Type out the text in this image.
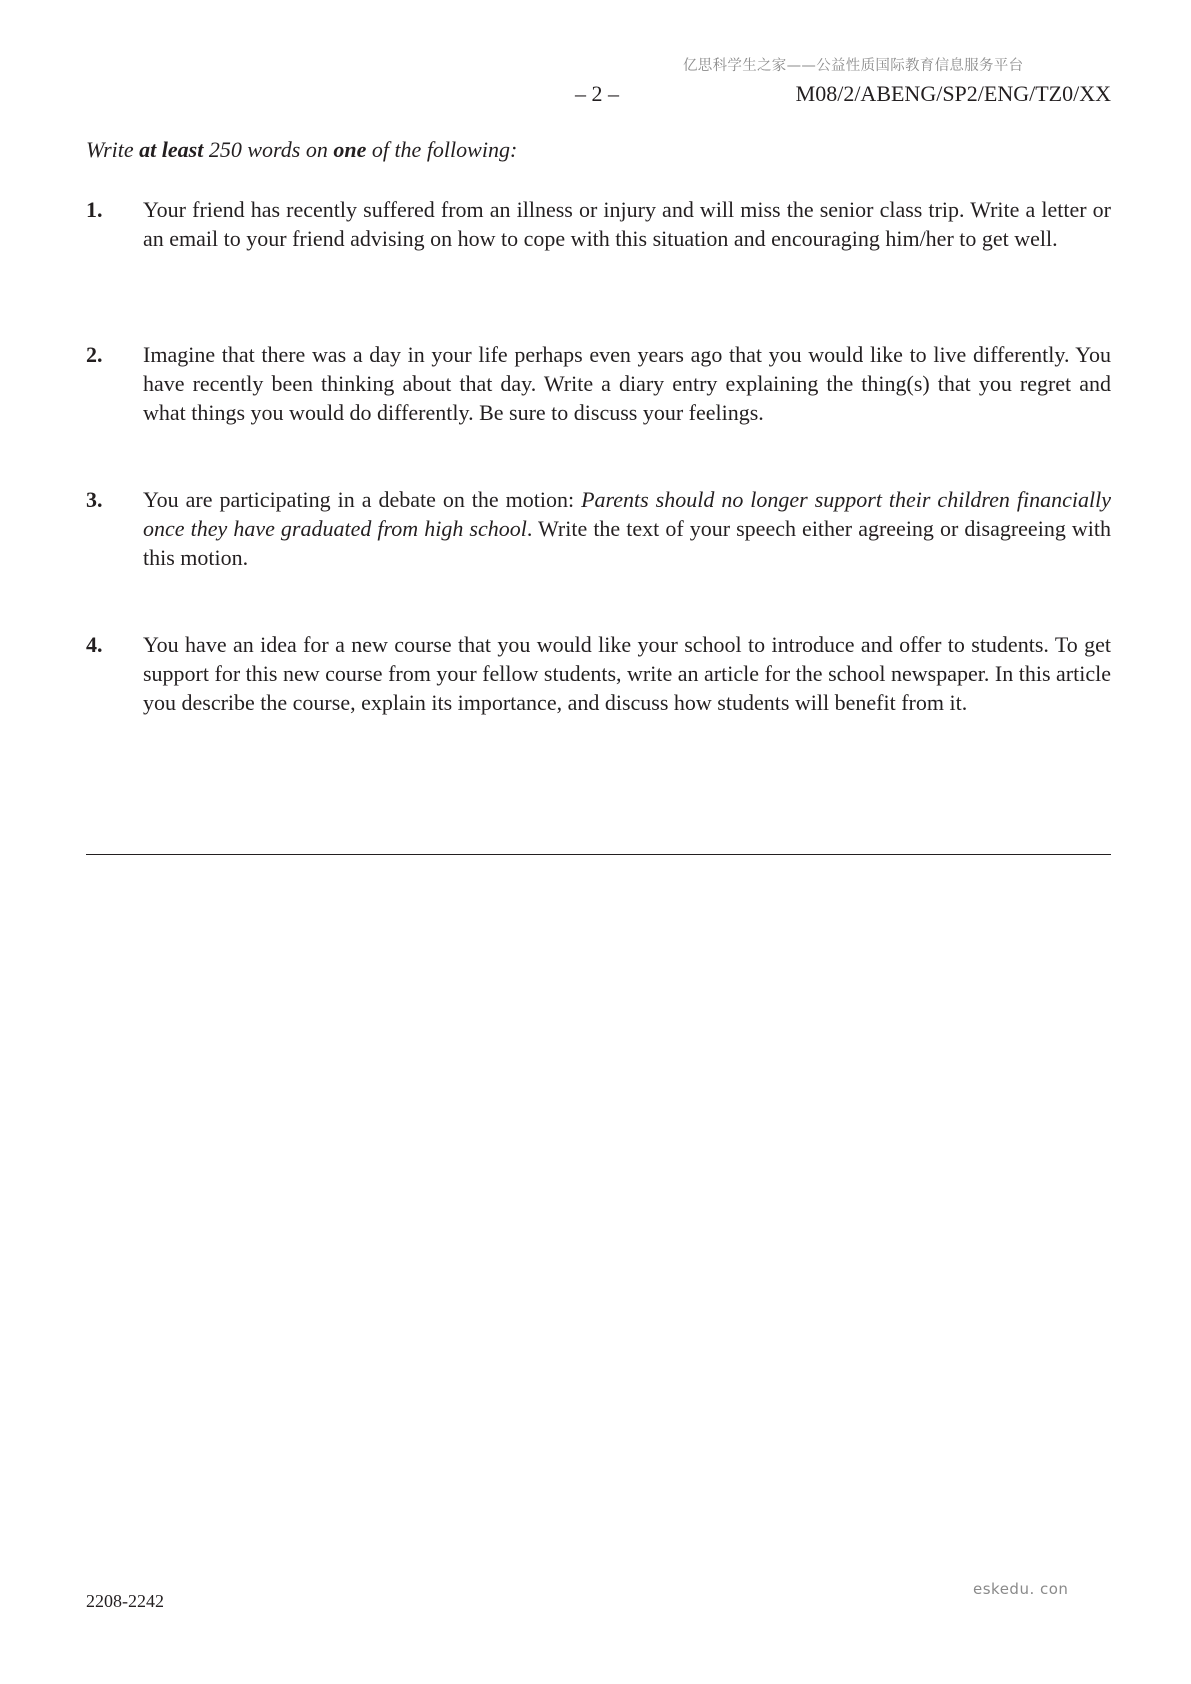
亿思科学生之家——公益性质国际教育信息服务平台
– 2 –	M08/2/ABENG/SP2/ENG/TZ0/XX
Write at least 250 words on one of the following:
1. Your friend has recently suffered from an illness or injury and will miss the senior class trip. Write a letter or an email to your friend advising on how to cope with this situation and encouraging him/her to get well.
2. Imagine that there was a day in your life perhaps even years ago that you would like to live differently. You have recently been thinking about that day. Write a diary entry explaining the thing(s) that you regret and what things you would do differently. Be sure to discuss your feelings.
3. You are participating in a debate on the motion: Parents should no longer support their children financially once they have graduated from high school. Write the text of your speech either agreeing or disagreeing with this motion.
4. You have an idea for a new course that you would like your school to introduce and offer to students. To get support for this new course from your fellow students, write an article for the school newspaper. In this article you describe the course, explain its importance, and discuss how students will benefit from it.
2208-2242
eskedu. con
